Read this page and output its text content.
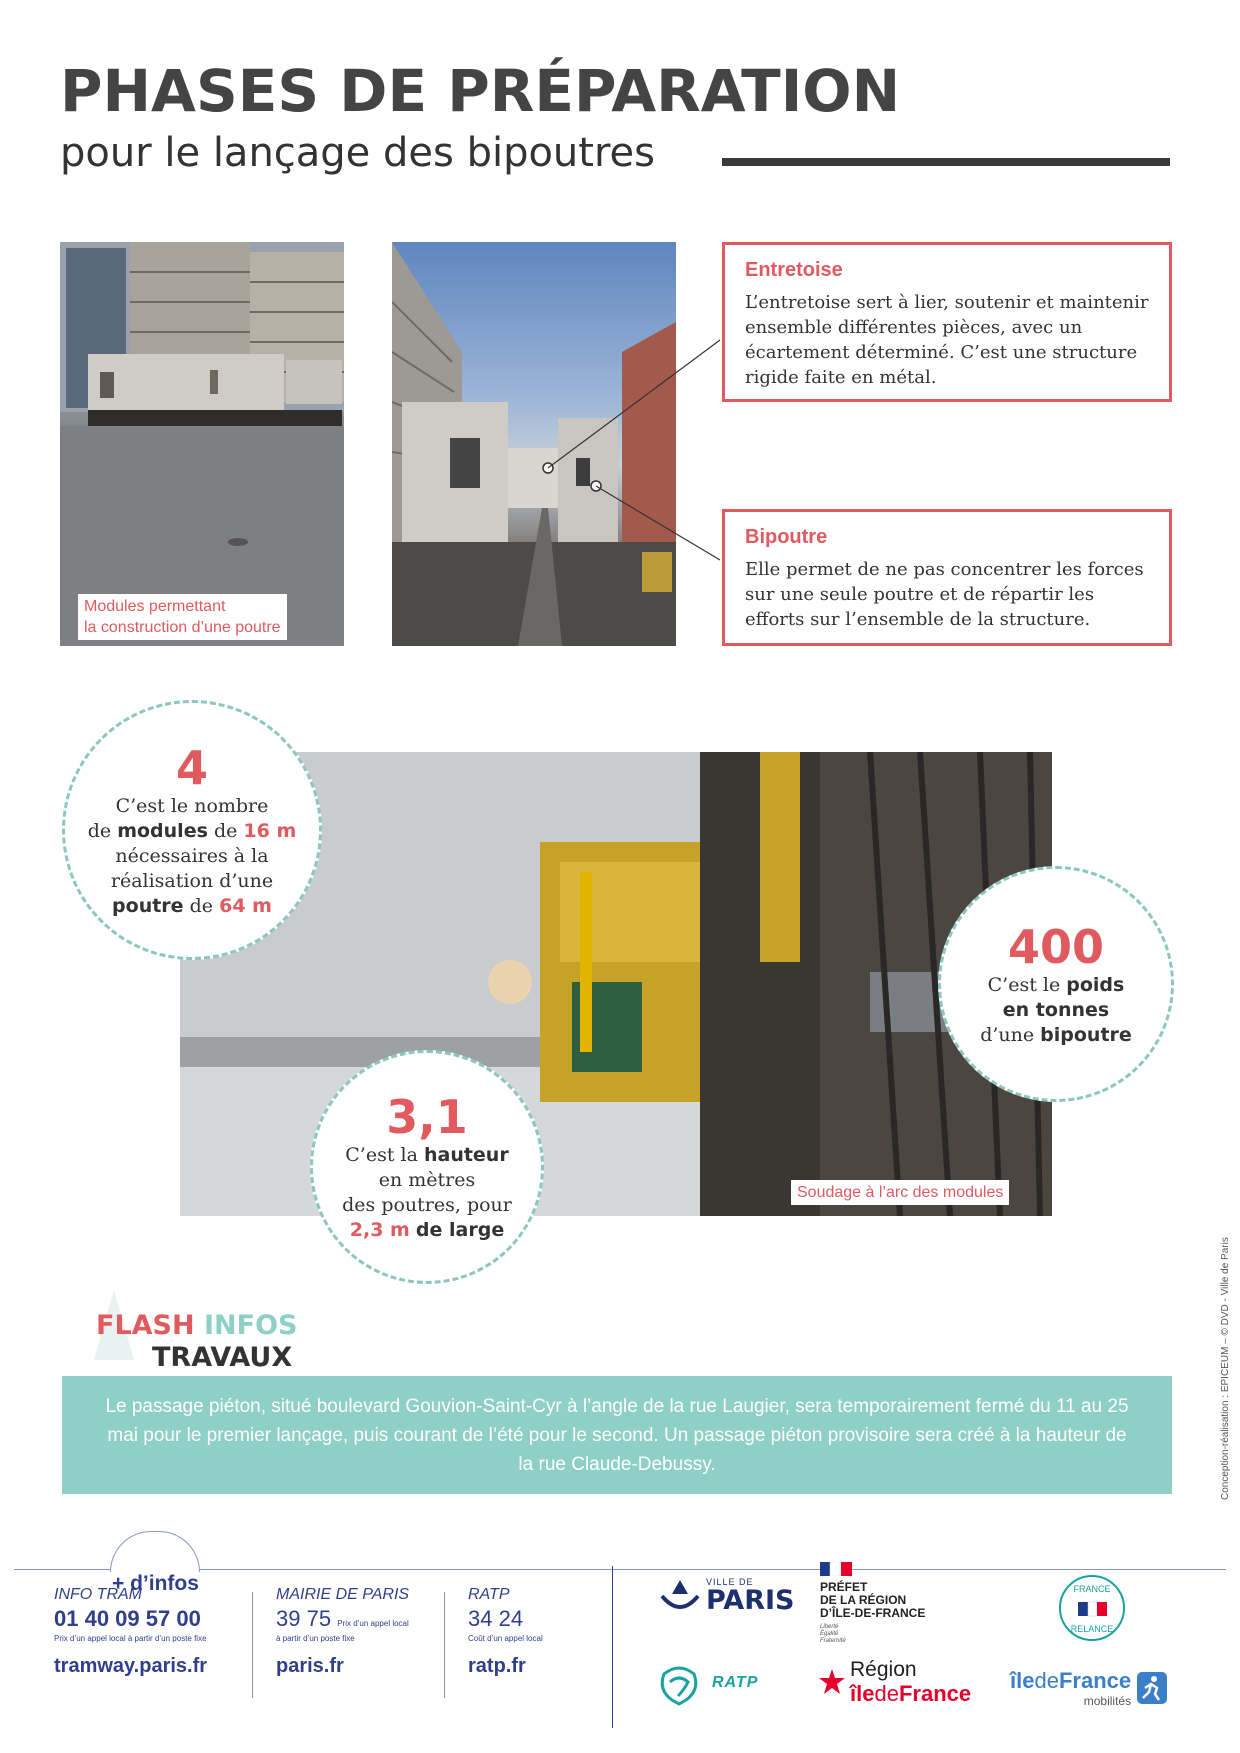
PHASES DE PRÉPARATION
pour le lançage des bipoutres
Modules permettant
la construction d’une poutre
Entretoise
L’entretoise sert à lier, soutenir et maintenir ensemble différentes pièces, avec un écartement déterminé. C’est une structure rigide faite en métal.
Bipoutre
Elle permet de ne pas concentrer les forces sur une seule poutre et de répartir les efforts sur l’ensemble de la structure.
Soudage à l’arc des modules
4
C’est le nombre
de modules de 16 m
nécessaires à la
réalisation d’une
poutre de 64 m
400
C’est le poids
en tonnes
d’une bipoutre
3,1
C’est la hauteur
en mètres
des poutres, pour
2,3 m de large
FLASH INFOS
TRAVAUX
Le passage piéton, situé boulevard Gouvion-Saint-Cyr à l’angle de la rue Laugier, sera temporairement fermé du 11 au 25 mai pour le premier lançage, puis courant de l’été pour le second. Un passage piéton provisoire sera créé à la hauteur de la rue Claude-Debussy.	Conception-réalisation : EPICEUM – © DVD - Ville de Paris
+ d’infos
INFO TRAM
01 40 09 57 00
Prix d’un appel local à partir d’un poste fixe
tramway.paris.fr
MAIRIE DE PARIS
39 75 Prix d’un appel local
à partir d’un poste fixe
paris.fr
RATP
34 24
Coût d’un appel local
ratp.fr
VILLE DE
PARIS PRÉFET
DE LA RÉGION
D’ÎLE-DE-FRANCE
Liberté
Égalité
Fraternité
FRANCE
RELANCE
RATP
Région
îledeFrance
îledeFrance
mobilités
